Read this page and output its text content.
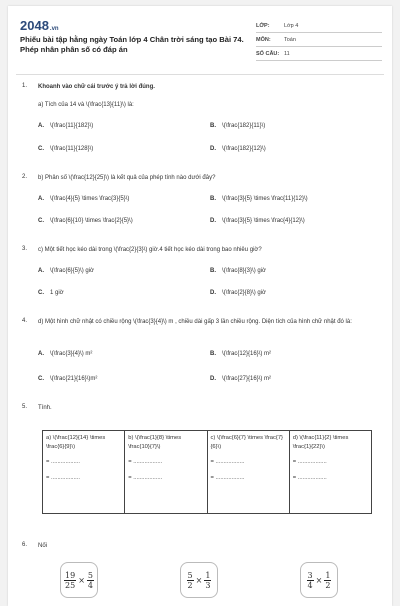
2048.vn
Phiếu bài tập hằng ngày Toán lớp 4 Chân trời sáng tạo Bài 74. Phép nhân phân số có đáp án
LỚP:	Lớp 4
MÔN:	Toán
SỐ CÂU: 11
1.	Khoanh vào chữ cái trước ý trả lời đúng.
a) Tích của 14 và \(\frac{13}{11}\) là:
A. \(\frac{11}{182}\)	B. \(\frac{182}{11}\)
C. \(\frac{11}{128}\)	D. \(\frac{182}{12}\)
2.	b) Phân số \(\frac{12}{25}\) là kết quả của phép tính nào dưới đây?
A. \(\frac{4}{5} \times \frac{3}{5}\)	B. \(\frac{3}{5} \times \frac{11}{12}\)
C. \(\frac{6}{10} \times \frac{2}{5}\)	D. \(\frac{3}{5} \times \frac{4}{12}\)
3.	c) Một tiết học kéo dài trong \(\frac{2}{3}\) giờ.4 tiết học kéo dài trong bao nhiêu giờ?
A. \(\frac{6}{5}\) giờ	B. \(\frac{8}{3}\) giờ
C. 1 giờ	D. \(\frac{2}{8}\) giờ
4.	d) Một hình chữ nhật có chiều rộng \(\frac{3}{4}\) m , chiều dài gấp 3 lần chiều rộng. Diện tích của hình chữ nhật đó là:
A. \(\frac{3}{4}\) m²	B. \(\frac{12}{16}\) m²
C. \(\frac{21}{16}\)m²	D. \(\frac{27}{16}\) m²
5.	Tính.
a) \(\frac{12}{14} \times \frac{6}{9}\)
= ..................
= ..................

b) \(\frac{1}{8} \times \frac{10}{7}\)
= ..................
= ..................

c) \(\frac{6}{7} \times \frac{7}{6}\)
= ..................
= ..................

d) \(\frac{11}{2} \times \frac{1}{22}\)
= ..................
= ..................
6.	Nối
$\frac{19}{25} \times \frac{5}{4}$	$\frac{5}{2} \times \frac{1}{3}$	$\frac{3}{4} \times \frac{1}{2}$
